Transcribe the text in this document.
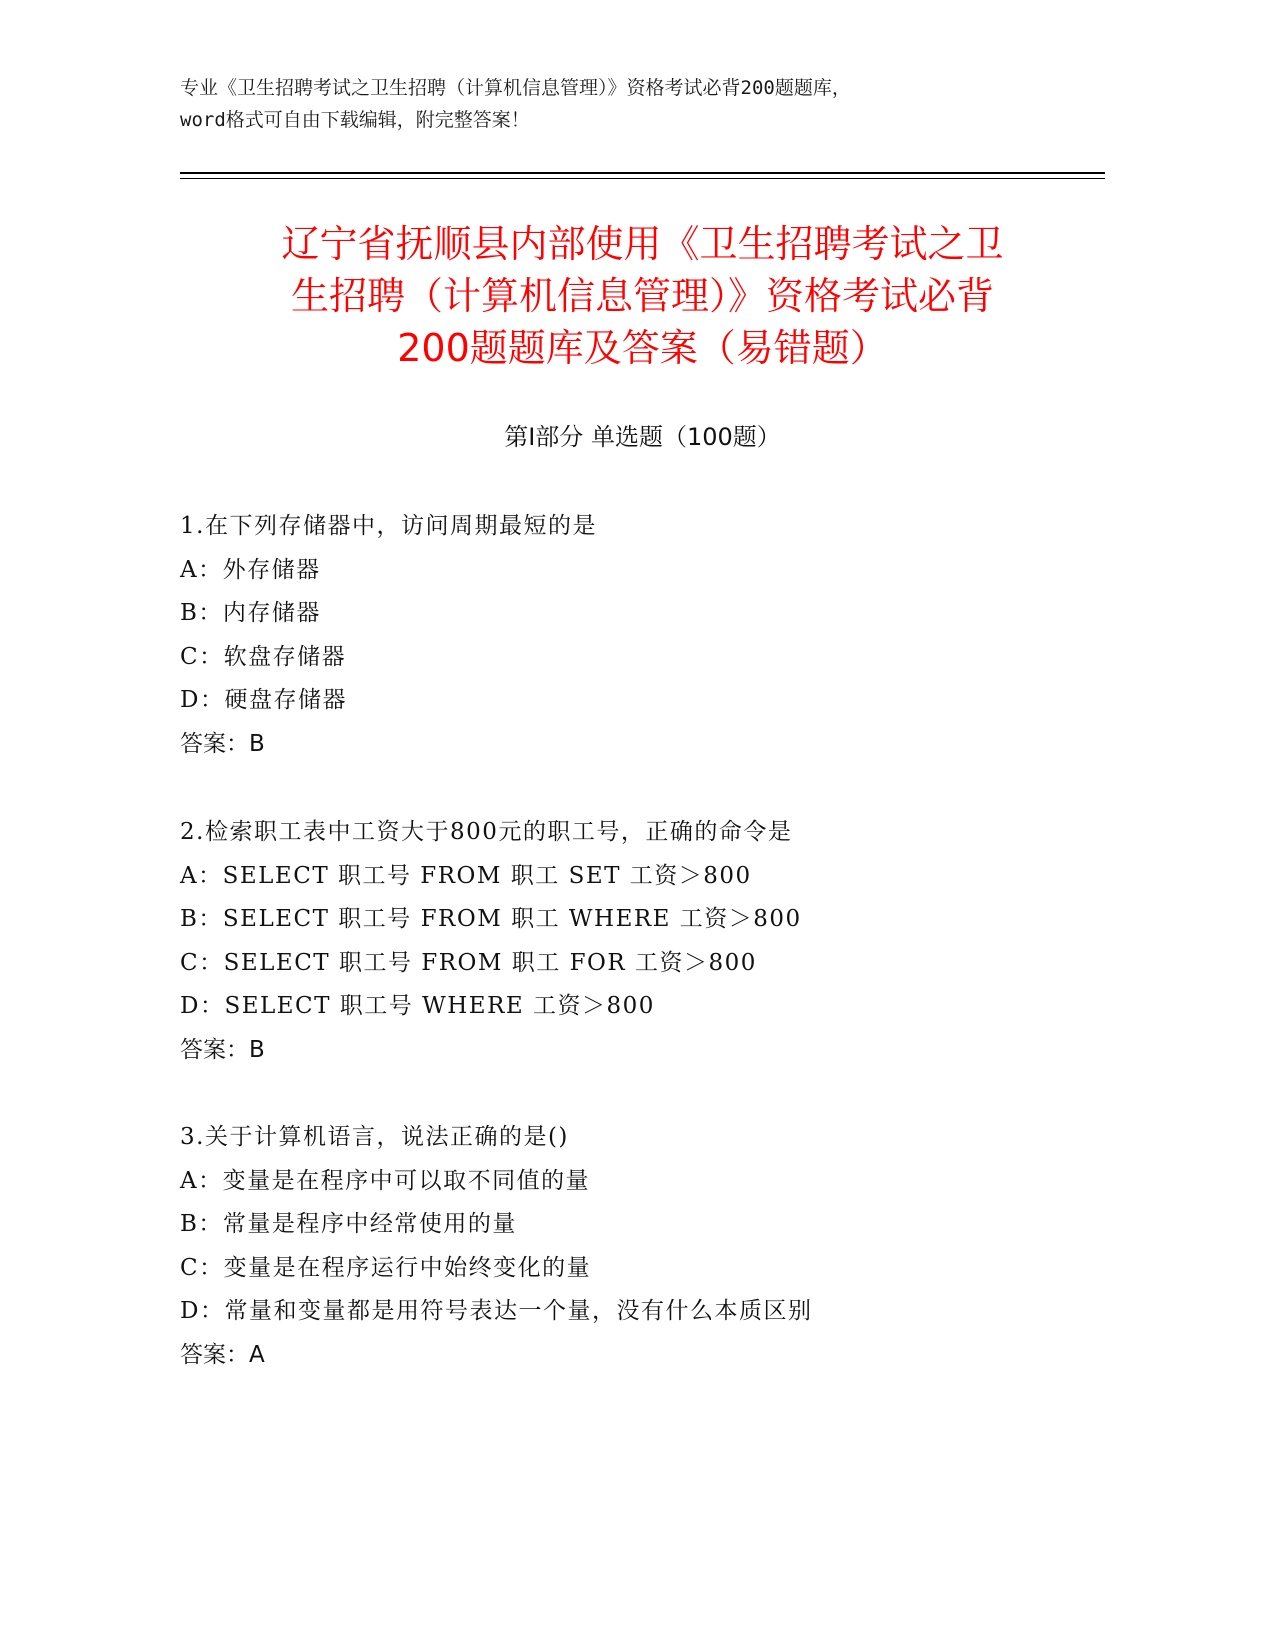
专业《卫生招聘考试之卫生招聘（计算机信息管理）》资格考试必背200题题库，
word格式可自由下载编辑，附完整答案！
辽宁省抚顺县内部使用《卫生招聘考试之卫
生招聘（计算机信息管理）》资格考试必背
200题题库及答案（易错题）
第Ⅰ部分 单选题（100题）
1.在下列存储器中，访问周期最短的是
A：外存储器
B：内存储器
C：软盘存储器
D：硬盘存储器
答案：B
2.检索职工表中工资大于800元的职工号，正确的命令是
A：SELECT 职工号 FROM 职工 SET 工资＞800
B：SELECT 职工号 FROM 职工 WHERE 工资＞800
C：SELECT 职工号 FROM 职工 FOR 工资＞800
D：SELECT 职工号 WHERE 工资＞800
答案：B
3.关于计算机语言，说法正确的是()
A：变量是在程序中可以取不同值的量
B：常量是程序中经常使用的量
C：变量是在程序运行中始终变化的量
D：常量和变量都是用符号表达一个量，没有什么本质区别
答案：A
